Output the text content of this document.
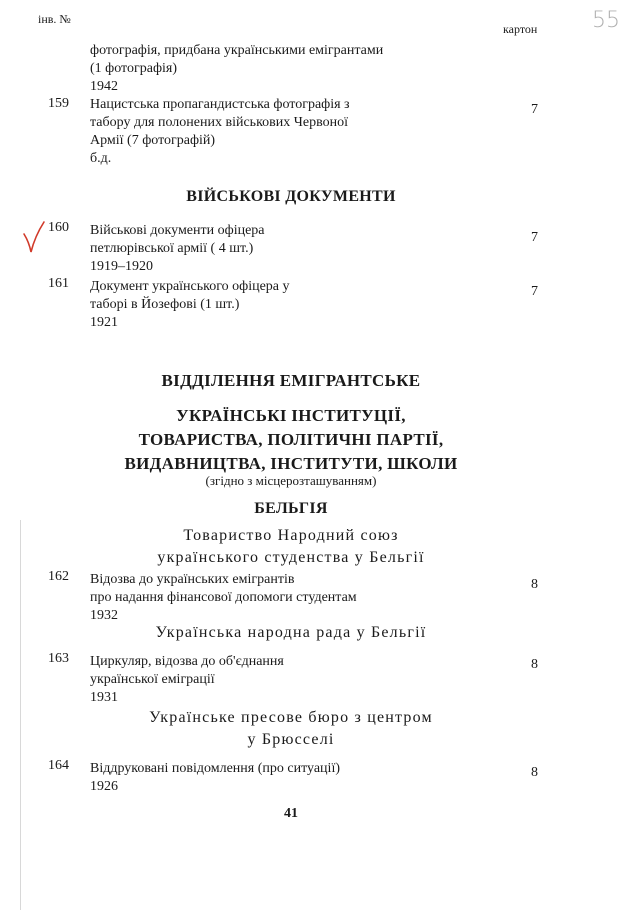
інв. №
картон 55
фотографія, придбана українськими емігрантами
(1 фотографія)
1942
159 Нацистська пропагандистська фотографія з
табору для полонених військових Червоної
Армії (7 фотографій)
б.д.
7
ВІЙСЬКОВІ ДОКУМЕНТИ
160 Військові документи офіцера
петлюрівської армії ( 4 шт.)
1919–1920
7
161 Документ українського офіцера у
таборі в Йозефові (1 шт.)
1921
7
ВІДДІЛЕННЯ ЕМІГРАНТСЬКЕ
УКРАЇНСЬКІ ІНСТИТУЦІЇ,
ТОВАРИСТВА, ПОЛІТИЧНІ ПАРТІЇ,
ВИДАВНИЦТВА, ІНСТИТУТИ, ШКОЛИ
(згідно з місцерозташуванням)
БЕЛЬГІЯ
Товариство Народний союз
українського студенства у Бельгії
162 Відозва до українських емігрантів
про надання фінансової допомоги студентам
1932
8
Українська народна рада у Бельгії
163 Циркуляр, відозва до об'єднання
української еміграції
1931
8
Українське пресове бюро з центром
у Брюсселі
164 Віддруковані повідомлення (про ситуації)
1926
8
41
